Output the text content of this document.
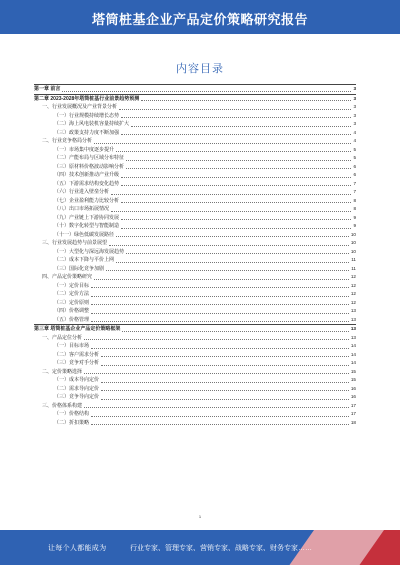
塔筒桩基企业产品定价策略研究报告
内容目录
第一章 前言	3
第二章 2023-2028年塔筒桩基行业前景趋势预测	3
一、行业发展概况及产业背景分析	3
（一）行业规模持续增长态势	3
（二）海上风电装机容量持续扩大	3
（三）政策支持力度不断加强	4
二、行业竞争格局分析	4
（一）市场集中度逐步提升	5
（二）产能布局与区域分布特征	5
（三）原材料价格波动影响分析	6
（四）技术创新推动产业升级	6
（五）下游需求结构变化趋势	7
（六）行业进入壁垒分析	7
（七）企业盈利能力比较分析	8
（八）出口市场拓展情况	8
（九）产业链上下游协同发展	9
（十）数字化转型与智能制造	9
（十一）绿色低碳发展路径	10
三、行业发展趋势与前景展望	10
（一）大型化与深远海发展趋势	10
（二）成本下降与平价上网	11
（三）国际化竞争加剧	11
四、产品定价策略研究	12
（一）定价目标	12
（二）定价方法	12
（三）定价原则	12
（四）价格调整	13
（五）价格管理	13
第三章 塔筒桩基企业产品定价策略框架	13
一、产品定位分析	13
（一）目标市场	14
（二）客户需求分析	14
（三）竞争对手分析	14
二、定价策略选择	15
（一）成本导向定价	15
（二）需求导向定价	16
（三）竞争导向定价	16
三、价格体系构建	17
（一）价格结构	17
（二）折扣策略	18
1
让每个人都能成为	行业专家、管理专家、营销专家、战略专家、财务专家……
